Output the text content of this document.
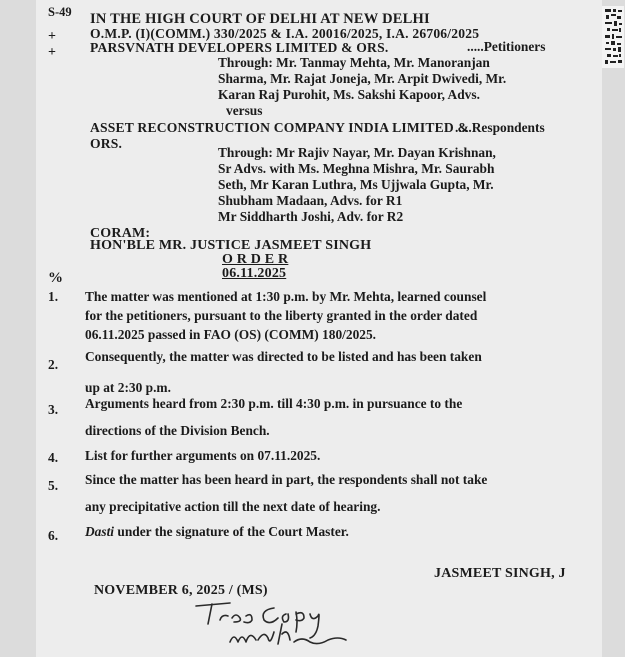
S-49 IN THE HIGH COURT OF DELHI AT NEW DELHI
+
+
O.M.P. (I)(COMM.) 330/2025 & I.A. 20016/2025, I.A. 26706/2025
PARSVNATH DEVELOPERS LIMITED & ORS.	.....Petitioners
Through: Mr. Tanmay Mehta, Mr. Manoranjan
Sharma, Mr. Rajat Joneja, Mr. Arpit Dwivedi, Mr.
Karan Raj Purohit, Ms. Sakshi Kapoor, Advs.
versus
ASSET RECONSTRUCTION COMPANY INDIA LIMITED &
.....Respondents
ORS.
Through: Mr Rajiv Nayar, Mr. Dayan Krishnan,
Sr Advs. with Ms. Meghna Mishra, Mr. Saurabh
Seth, Mr Karan Luthra, Ms Ujjwala Gupta, Mr.
Shubham Madaan, Advs. for R1
Mr Siddharth Joshi, Adv. for R2
CORAM:
HON'BLE MR. JUSTICE JASMEET SINGH
O R D E R
06.11.2025
%
1. The matter was mentioned at 1:30 p.m. by Mr. Mehta, learned counsel
for the petitioners, pursuant to the liberty granted in the order dated
06.11.2025 passed in FAO (OS) (COMM) 180/2025.
2.
Consequently, the matter was directed to be listed and has been taken
up at 2:30 p.m.
3. Arguments heard from 2:30 p.m. till 4:30 p.m. in pursuance to the
directions of the Division Bench.
4. List for further arguments on 07.11.2025.
5. Since the matter has been heard in part, the respondents shall not take
any precipitative action till the next date of hearing.
6. Dasti under the signature of the Court Master.
JASMEET SINGH, J
NOVEMBER 6, 2025 / (MS)
